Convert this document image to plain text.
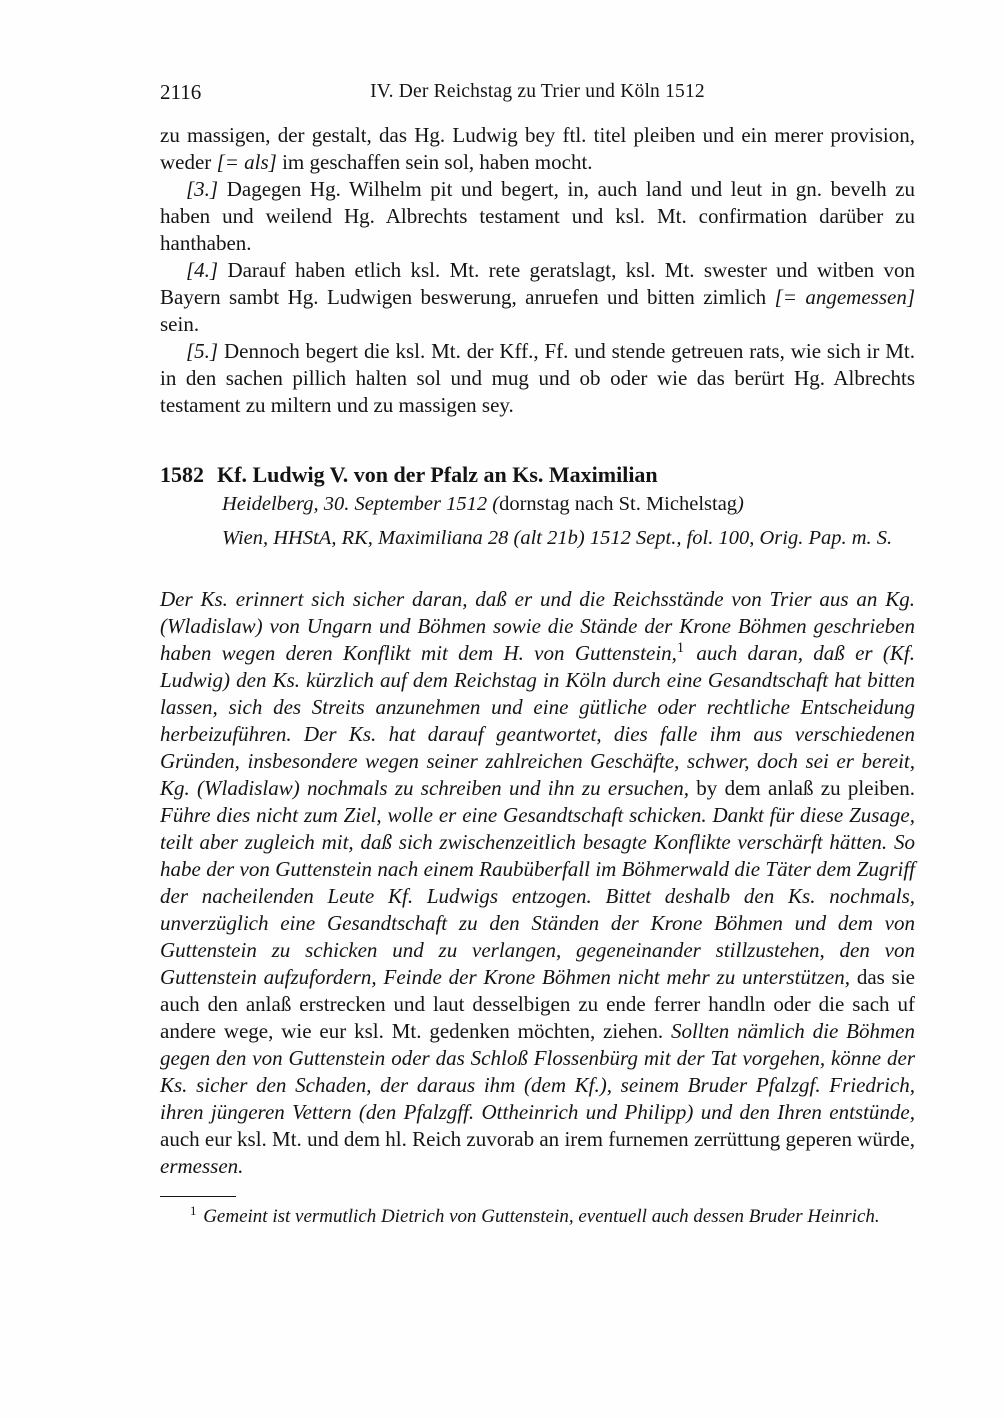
2116	IV. Der Reichstag zu Trier und Köln 1512

zu massigen, der gestalt, das Hg. Ludwig bey ftl. titel pleiben und ein merer provision, weder [= als] im geschaffen sein sol, haben mocht.

[3.] Dagegen Hg. Wilhelm pit und begert, in, auch land und leut in gn. bevelh zu haben und weilend Hg. Albrechts testament und ksl. Mt. confirmation darüber zu hanthaben.

[4.] Darauf haben etlich ksl. Mt. rete geratslagt, ksl. Mt. swester und witben von Bayern sambt Hg. Ludwigen beswerung, anruefen und bitten zimlich [= angemessen] sein.

[5.] Dennoch begert die ksl. Mt. der Kff., Ff. und stende getreuen rats, wie sich ir Mt. in den sachen pillich halten sol und mug und ob oder wie das berürt Hg. Albrechts testament zu miltern und zu massigen sey.

1582 Kf. Ludwig V. von der Pfalz an Ks. Maximilian
Heidelberg, 30. September 1512 (dornstag nach St. Michelstag)
Wien, HHStA, RK, Maximiliana 28 (alt 21b) 1512 Sept., fol. 100, Orig. Pap. m. S.
Der Ks. erinnert sich sicher daran, daß er und die Reichsstände von Trier aus an Kg. (Wladislaw) von Ungarn und Böhmen sowie die Stände der Krone Böhmen geschrieben haben wegen deren Konflikt mit dem H. von Guttenstein,$^1$ auch daran, daß er (Kf. Ludwig) den Ks. kürzlich auf dem Reichstag in Köln durch eine Gesandtschaft hat bitten lassen, sich des Streits anzunehmen und eine gütliche oder rechtliche Entscheidung herbeizuführen. Der Ks. hat darauf geantwortet, dies falle ihm aus verschiedenen Gründen, insbesondere wegen seiner zahlreichen Geschäfte, schwer, doch sei er bereit, Kg. (Wladislaw) nochmals zu schreiben und ihn zu ersuchen, by dem anlaß zu pleiben. Führe dies nicht zum Ziel, wolle er eine Gesandtschaft schicken. Dankt für diese Zusage, teilt aber zugleich mit, daß sich zwischenzeitlich besagte Konflikte verschärft hätten. So habe der von Guttenstein nach einem Raubüberfall im Böhmerwald die Täter dem Zugriff der nacheilenden Leute Kf. Ludwigs entzogen. Bittet deshalb den Ks. nochmals, unverzüglich eine Gesandtschaft zu den Ständen der Krone Böhmen und dem von Guttenstein zu schicken und zu verlangen, gegeneinander stillzustehen, den von Guttenstein aufzufordern, Feinde der Krone Böhmen nicht mehr zu unterstützen, das sie auch den anlaß erstrecken und laut desselbigen zu ende ferrer handln oder die sach uf andere wege, wie eur ksl. Mt. gedenken möchten, ziehen. Sollten nämlich die Böhmen gegen den von Guttenstein oder das Schloß Flossenbürg mit der Tat vorgehen, könne der Ks. sicher den Schaden, der daraus ihm (dem Kf.), seinem Bruder Pfalzgf. Friedrich, ihren jüngeren Vettern (den Pfalzgff. Ottheinrich und Philipp) und den Ihren entstünde, auch eur ksl. Mt. und dem hl. Reich zuvorab an irem furnemen zerrüttung geperen würde, ermessen.

$^1$ Gemeint ist vermutlich Dietrich von Guttenstein, eventuell auch dessen Bruder Heinrich.
